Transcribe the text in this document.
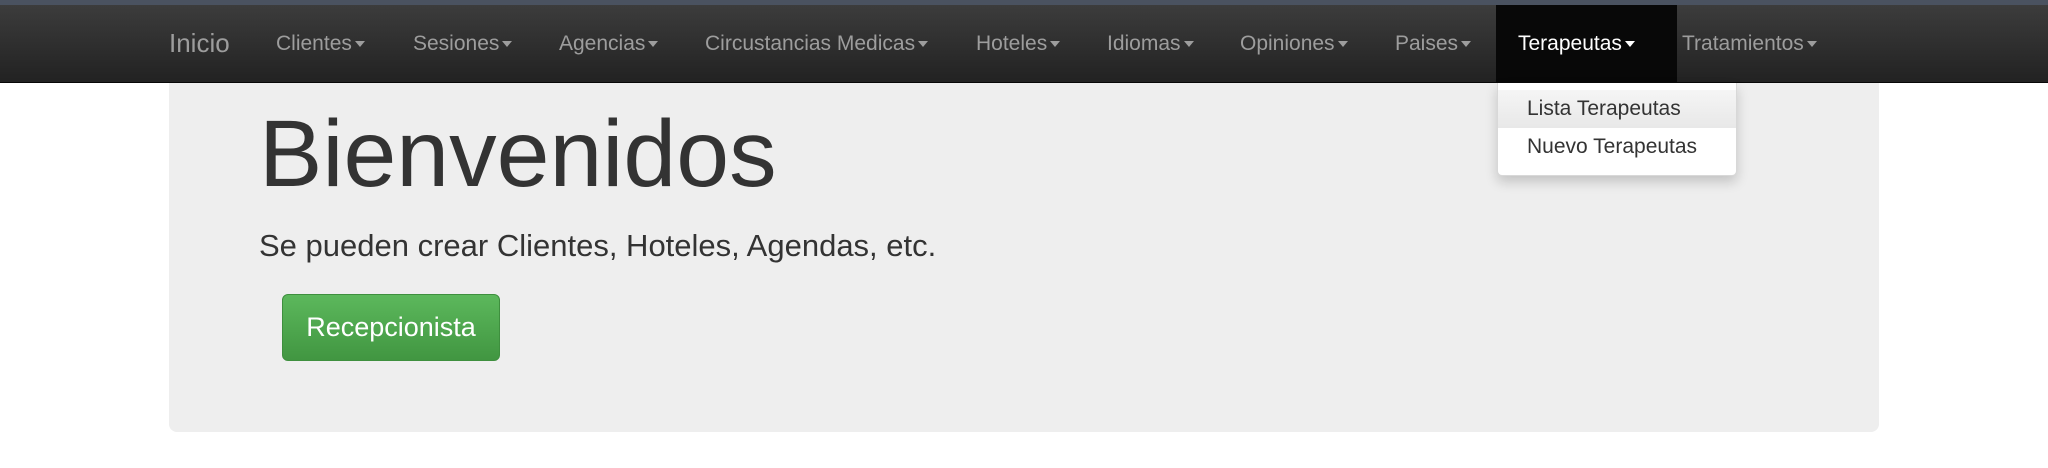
Inicio	Clientes	Sesiones	Agencias	Circustancias Medicas	Hoteles	Idiomas	Opiniones	Paises	Terapeutas	Tratamientos
Bienvenidos

Se pueden crear Clientes, Hoteles, Agendas, etc.

Recepcionista
Lista Terapeutas
Nuevo Terapeutas
